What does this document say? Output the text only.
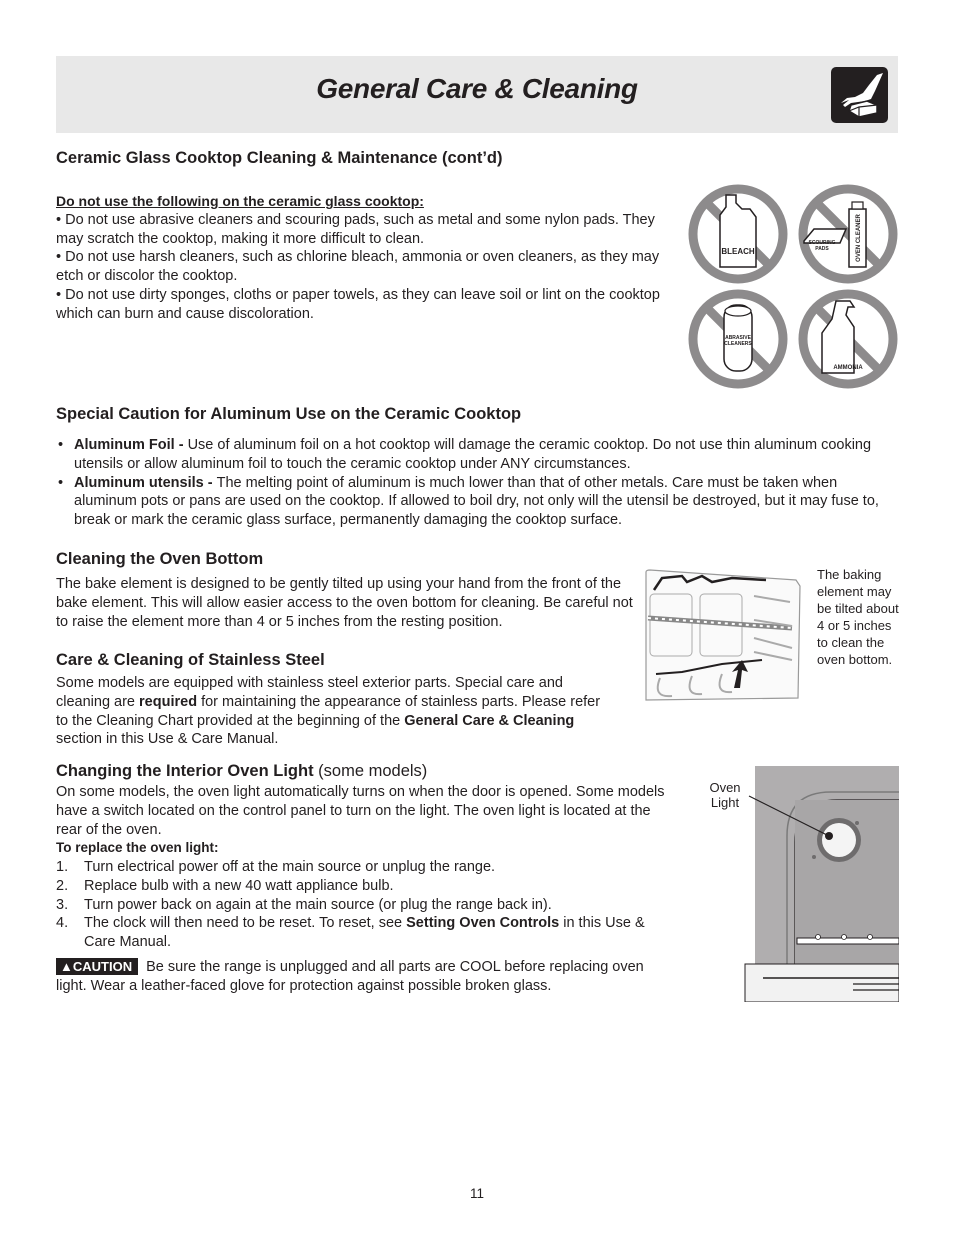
General Care & Cleaning
Ceramic Glass Cooktop Cleaning & Maintenance (cont’d)

Do not use the following on the ceramic glass cooktop:

• Do not use abrasive cleaners and scouring pads, such as metal and some nylon pads. They may scratch the cooktop, making it more difficult to clean.

• Do not use harsh cleaners, such as chlorine bleach, ammonia or oven cleaners, as they may etch or discolor the cooktop.

• Do not use dirty sponges, cloths or paper towels, as they can leave soil or lint on the cooktop which can burn and cause discoloration.

BLEACH
SCOURING
PADS	OVEN CLEANER
ABRASIVE
CLEANERS
AMMONIA
Special Caution for Aluminum Use on the Ceramic Cooktop
• Aluminum Foil - Use of aluminum foil on a hot cooktop will damage the ceramic cooktop. Do not use thin aluminum cooking utensils or allow aluminum foil to touch the ceramic cooktop under ANY circumstances.
• Aluminum utensils - The melting point of aluminum is much lower than that of other metals. Care must be taken when aluminum pots or pans are used on the cooktop. If allowed to boil dry, not only will the utensil be destroyed, but it may fuse to, break or mark the ceramic glass surface, permanently damaging the cooktop surface.
Cleaning the Oven Bottom

The bake element is designed to be gently tilted up using your hand from the front of the bake element. This will allow easier access to the oven bottom for cleaning. Be careful not to raise the element more than 4 or 5 inches from the resting position.

The baking element may be tilted about 4 or 5 inches to clean the oven bottom.
Care & Cleaning of Stainless Steel

Some models are equipped with stainless steel exterior parts. Special care and cleaning are required for maintaining the appearance of stainless parts. Please refer to the Cleaning Chart provided at the beginning of the General Care & Cleaning section in this Use & Care Manual.

Changing the Interior Oven Light (some models)

On some models, the oven light automatically turns on when the door is opened. Some models have a switch located on the control panel to turn on the light. The oven light is located at the rear of the oven.

To replace the oven light:

1. Turn electrical power off at the main source or unplug the range.
2. Replace bulb with a new 40 watt appliance bulb.
3. Turn power back on again at the main source (or plug the range back in).
4. The clock will then need to be reset. To reset, see Setting Oven Controls in this Use & Care Manual.

▲CAUTION Be sure the range is unplugged and all parts are COOL before replacing oven light. Wear a leather-faced glove for protection against possible broken glass.

Oven Light
11
